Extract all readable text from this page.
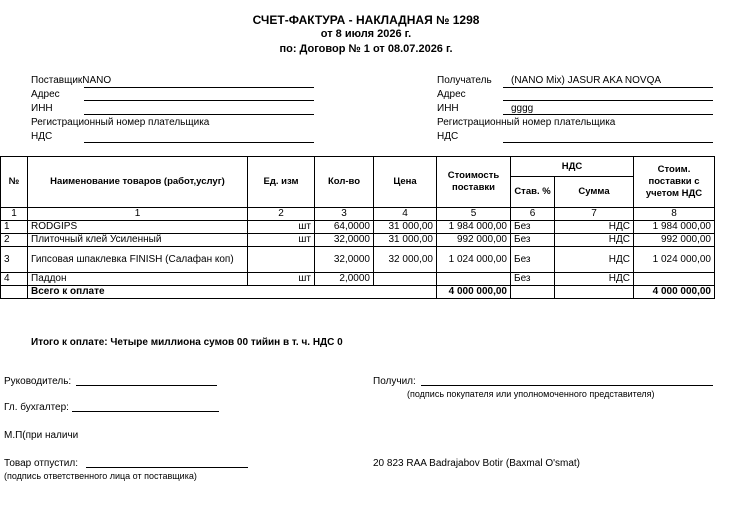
СЧЕТ-ФАКТУРА - НАКЛАДНАЯ № 1298
от 8 июля 2026 г.
по: Договор № 1 от 08.07.2026 г.
ПоставщикNANO
Адрес
ИНН
Регистрационный номер плательщика
НДС
Получатель (NANO Mix) JASUR AKA NOVQA
Адрес
ИНН	gggg
Регистрационный номер плательщика
НДС
№	Наименование товаров (работ,услуг)	Ед. изм	Кол-во	Цена	Стоимость поставки	НДС		Стоим. поставки с учетом НДС
						Став. %	Сумма	
1	1	2	3	4	5	6	7	8
1	RODGIPS	шт	64,0000	31 000,00	1 984 000,00	Без	НДС	1 984 000,00
2	Плиточный клей Усиленный	шт	32,0000	31 000,00	992 000,00	Без	НДС	992 000,00
3	Гипсовая шпаклевка FINISH (Салафан коп)		32,0000	32 000,00	1 024 000,00	Без	НДС	1 024 000,00
4	Паддон	шт	2,0000			Без	НДС	
	Всего к оплате				4 000 000,00			4 000 000,00
Итого к оплате: Четыре миллиона сумов 00 тийин в т. ч. НДС 0
Руководитель:
Гл. бухгалтер:
М.П(при наличи
Товар отпустил:
(подпись ответственного лица от поставщика)
Получил:
(подпись покупателя или уполномоченного представителя)
20 823 RAA Badrajabov Botir (Baxmal O'smat)
